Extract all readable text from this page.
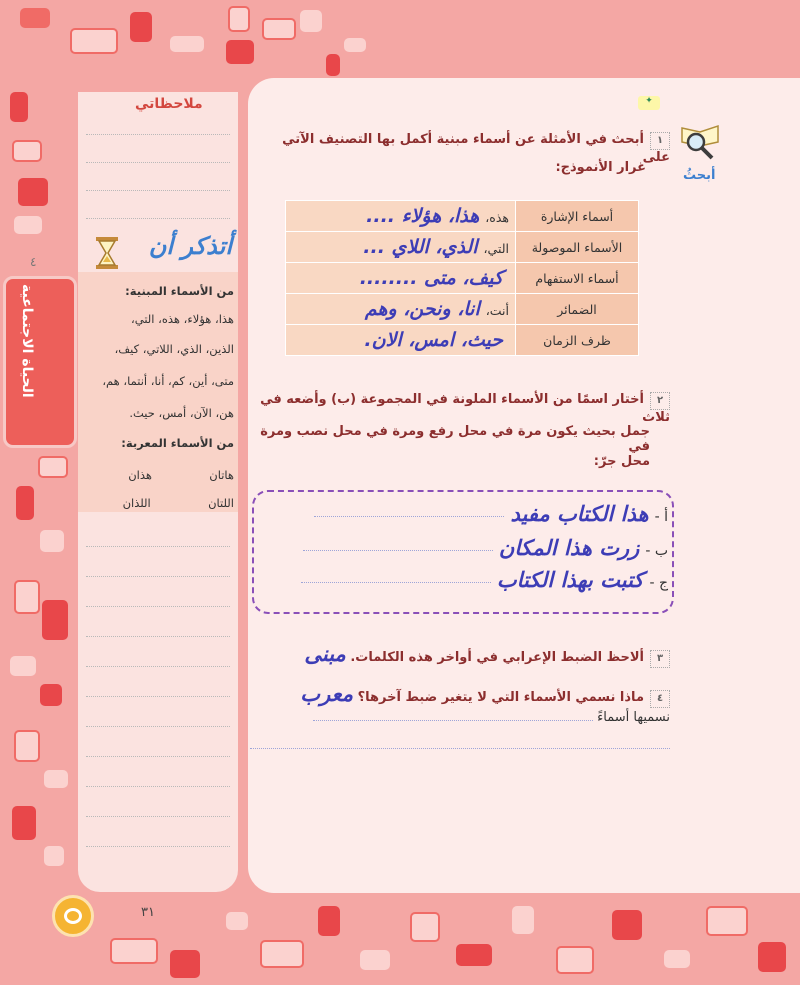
الحياة الاجتماعية
٤
ملاحظاتي
أتذكر أن
من الأسماء المبنية:
هذا، هؤلاء، هذه، التي،
الذين، الذي، اللاتي، كيف،
متى، أين، كم، أنا، أنتما، هم،
هن، الآن، أمس، حيث.
من الأسماء المعربة:
هاتان  هذان
اللتان  اللذان
٣١
✦
أبحثُ
١أبحث في الأمثلة عن أسماء مبنية أكمل بها التصنيف الآتي على
غرار الأنموذج:
أسماء الإشارة	هذه،هذا، هؤلاء ....
الأسماء الموصولة	التي،الذي، اللاي ...
أسماء الاستفهام	كيف، متى ........
الضمائر	أنت،انا، ونحن، وهم
ظرف الزمان	حيث، امس، الان.
٢أختار اسمًا من الأسماء الملونة في المجموعة (ب) وأضعه في ثلاث
جمل بحيث يكون مرة في محل رفع ومرة في محل نصب ومرة في
محل جرّ:
أ -هذا الكتاب مفيد
ب -زرت هذا المكان
ج -كتبت بهذا الكتاب
٣ألاحظ الضبط الإعرابي في أواخر هذه الكلمات. مبنى
٤ماذا نسمي الأسماء التي لا يتغير ضبط آخرها؟ معرب
نسميها أسماءً
